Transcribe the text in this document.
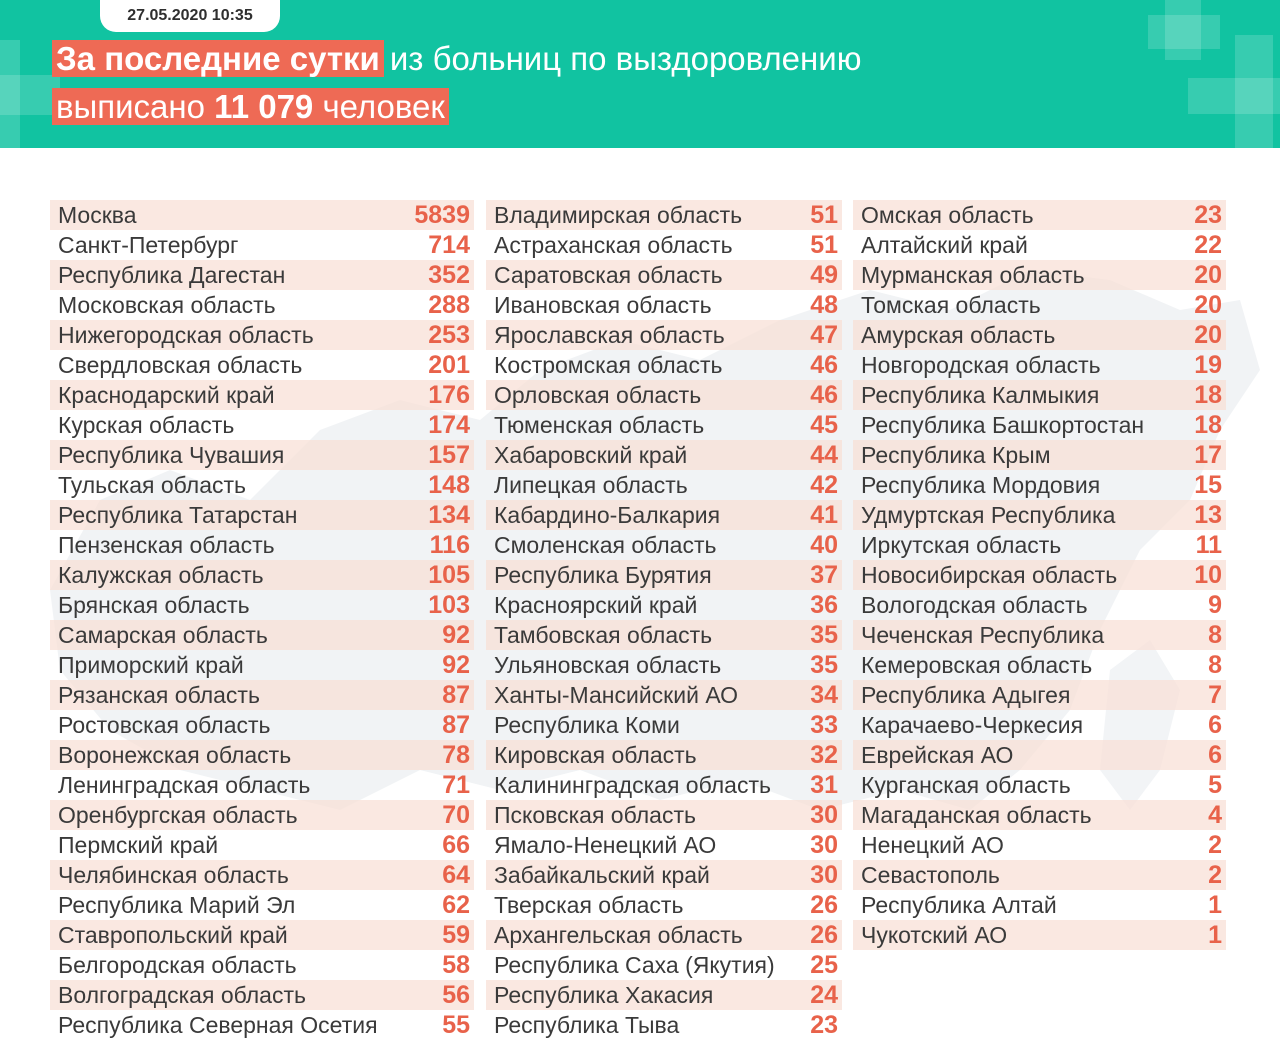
27.05.2020 10:35
За последние сутки из больниц по выздоровлению
выписано 11 079 человек
Москва	5839
Санкт-Петербург	714
Республика Дагестан	352
Московская область	288
Нижегородская область	253
Свердловская область	201
Краснодарский край	176
Курская область	174
Республика Чувашия	157
Тульская область	148
Республика Татарстан	134
Пензенская область	116
Калужская область	105
Брянская область	103
Самарская область	92
Приморский край	92
Рязанская область	87
Ростовская область	87
Воронежская область	78
Ленинградская область	71
Оренбургская область	70
Пермский край	66
Челябинская область	64
Республика Марий Эл	62
Ставропольский край	59
Белгородская область	58
Волгоградская область	56
Республика Северная Осетия	55
Владимирская область	51
Астраханская область	51
Саратовская область	49
Ивановская область	48
Ярославская область	47
Костромская область	46
Орловская область	46
Тюменская область	45
Хабаровский край	44
Липецкая область	42
Кабардино-Балкария	41
Смоленская область	40
Республика Бурятия	37
Красноярский край	36
Тамбовская область	35
Ульяновская область	35
Ханты-Мансийский АО	34
Республика Коми	33
Кировская область	32
Калининградская область 31
Псковская область	30
Ямало-Ненецкий АО	30
Забайкальский край	30
Тверская область	26
Архангельская область	26
Республика Саха (Якутия) 25
Республика Хакасия	24
Республика Тыва	23
Омская область	23
Алтайский край	22
Мурманская область	20
Томская область	20
Амурская область	20
Новгородская область	19
Республика Калмыкия	18
Республика Башкортостан 18
Республика Крым	17
Республика Мордовия	15
Удмуртская Республика	13
Иркутская область	11
Новосибирская область	10
Вологодская область	9
Чеченская Республика	8
Кемеровская область	8
Республика Адыгея	7
Карачаево-Черкесия	6
Еврейская АО	6
Курганская область	5
Магаданская область	4
Ненецкий АО	2
Севастополь	2
Республика Алтай	1
Чукотский АО	1
